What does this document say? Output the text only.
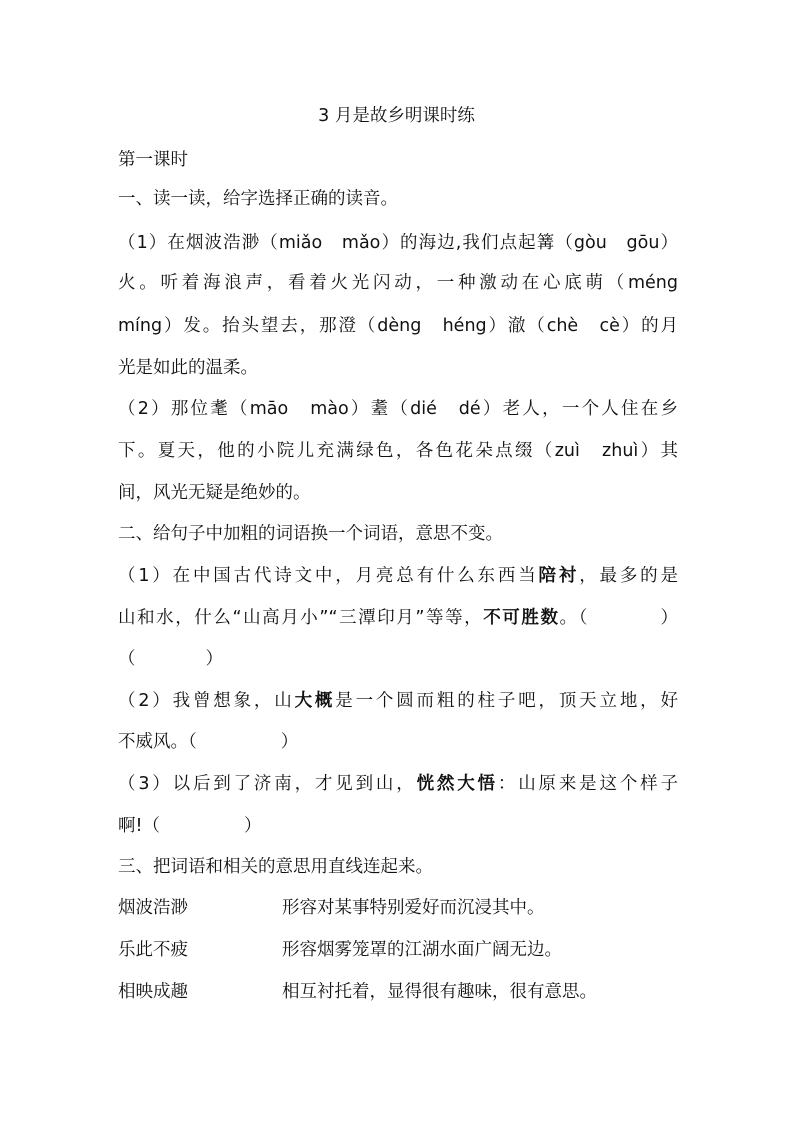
3 月是故乡明课时练
第一课时
一、读一读，给字选择正确的读音。
（1）在烟波浩渺（miǎo　mǎo）的海边,我们点起篝（gòu　gōu）
火。听着海浪声，看着火光闪动，一种激动在心底萌（méng
míng）发。抬头望去，那澄（dèng　héng）澈（chè　cè）的月
光是如此的温柔。
（2）那位耄（māo　mào）耋（dié　dé）老人，一个人住在乡
下。夏天，他的小院儿充满绿色，各色花朵点缀（zuì　zhuì）其
间，风光无疑是绝妙的。
二、给句子中加粗的词语换一个词语，意思不变。
（1）在中国古代诗文中，月亮总有什么东西当陪衬，最多的是
山和水，什么“山高月小”“三潭印月”等等，不可胜数。（	）
（	）
（2）我曾想象，山大概是一个圆而粗的柱子吧，顶天立地，好
不威风。（	）
（3）以后到了济南，才见到山，恍然大悟：山原来是这个样子
啊!（	）
三、把词语和相关的意思用直线连起来。
烟波浩渺	形容对某事特别爱好而沉浸其中。
乐此不疲	形容烟雾笼罩的江湖水面广阔无边。
相映成趣	相互衬托着，显得很有趣味，很有意思。
